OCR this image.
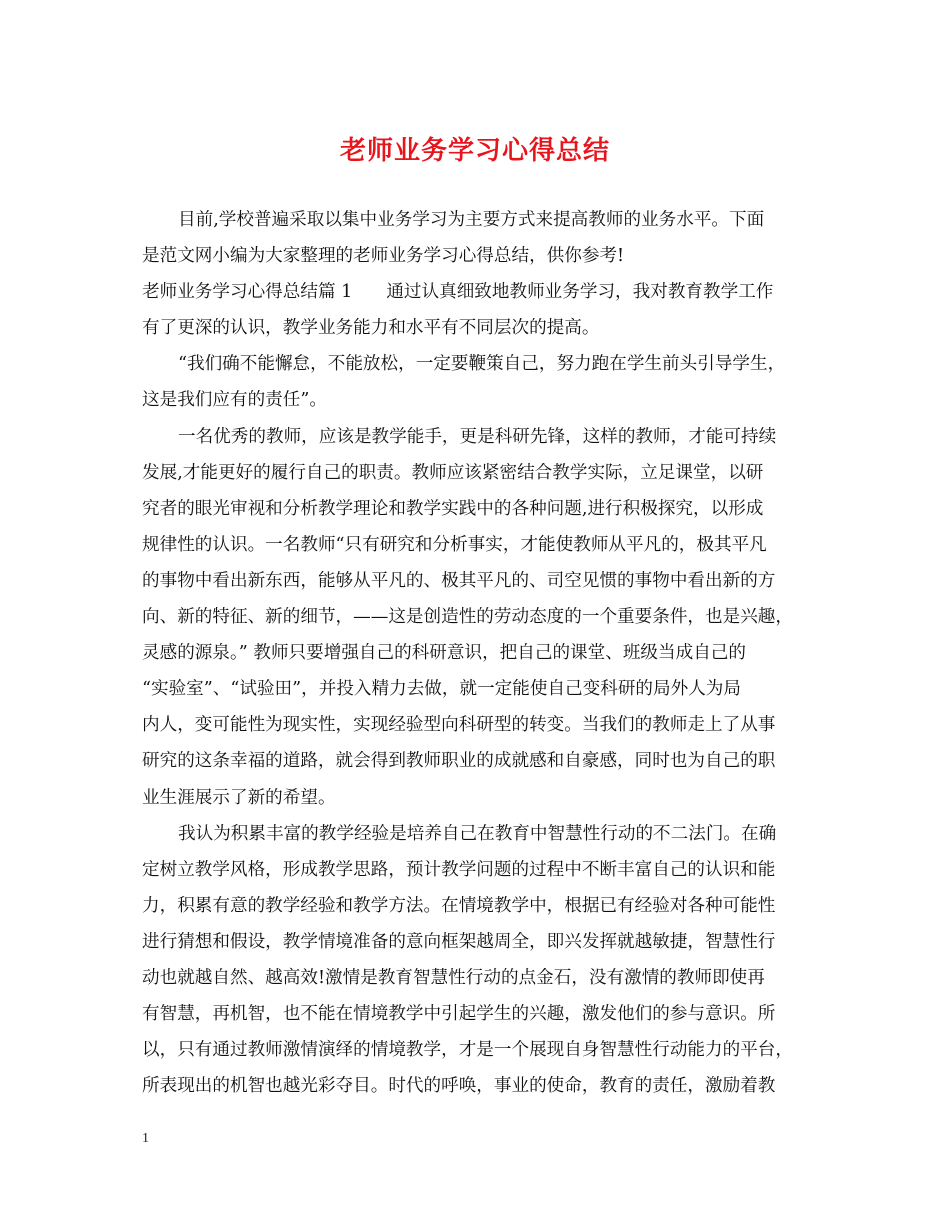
老师业务学习心得总结
目前,学校普遍采取以集中业务学习为主要方式来提高教师的业务水平。下面
是范文网小编为大家整理的老师业务学习心得总结，供你参考!
老师业务学习心得总结篇 1 通过认真细致地教师业务学习，我对教育教学工作
有了更深的认识，教学业务能力和水平有不同层次的提高。
“我们确不能懈怠，不能放松，一定要鞭策自己，努力跑在学生前头引导学生，
这是我们应有的责任”。
一名优秀的教师，应该是教学能手，更是科研先锋，这样的教师，才能可持续
发展,才能更好的履行自己的职责。教师应该紧密结合教学实际，立足课堂，以研
究者的眼光审视和分析教学理论和教学实践中的各种问题,进行积极探究，以形成
规律性的认识。一名教师“只有研究和分析事实，才能使教师从平凡的，极其平凡
的事物中看出新东西，能够从平凡的、极其平凡的、司空见惯的事物中看出新的方
向、新的特征、新的细节，——这是创造性的劳动态度的一个重要条件，也是兴趣，
灵感的源泉。” 教师只要增强自己的科研意识，把自己的课堂、班级当成自己的
“实验室”、“试验田”，并投入精力去做，就一定能使自己变科研的局外人为局
内人，变可能性为现实性，实现经验型向科研型的转变。当我们的教师走上了从事
研究的这条幸福的道路，就会得到教师职业的成就感和自豪感，同时也为自己的职
业生涯展示了新的希望。
我认为积累丰富的教学经验是培养自己在教育中智慧性行动的不二法门。在确
定树立教学风格，形成教学思路，预计教学问题的过程中不断丰富自己的认识和能
力，积累有意的教学经验和教学方法。在情境教学中，根据已有经验对各种可能性
进行猜想和假设，教学情境准备的意向框架越周全，即兴发挥就越敏捷，智慧性行
动也就越自然、越高效!激情是教育智慧性行动的点金石，没有激情的教师即使再
有智慧，再机智，也不能在情境教学中引起学生的兴趣，激发他们的参与意识。所
以，只有通过教师激情演绎的情境教学，才是一个展现自身智慧性行动能力的平台，
所表现出的机智也越光彩夺目。时代的呼唤，事业的使命，教育的责任，激励着教
1
